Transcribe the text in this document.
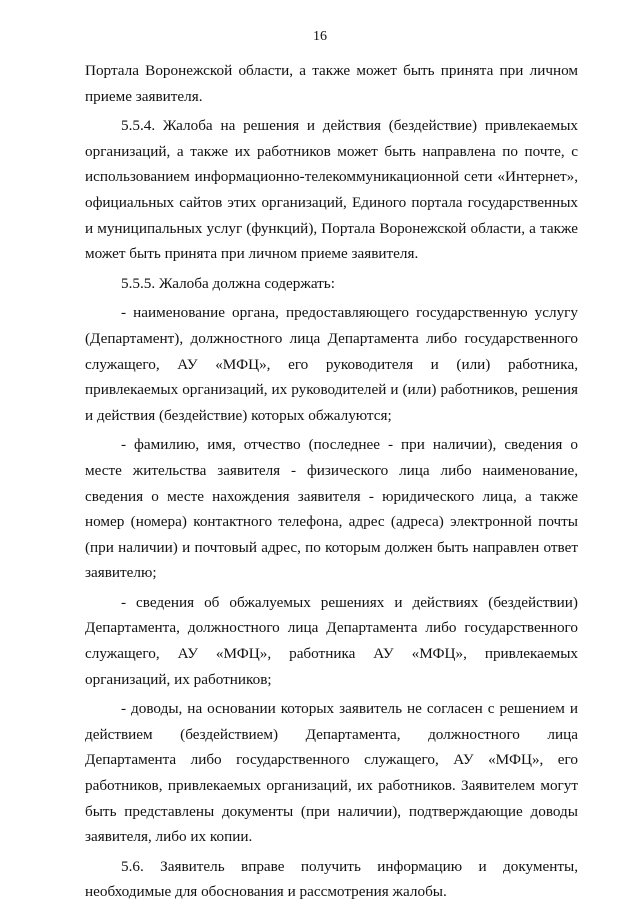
16

Портала Воронежской области, а также может быть принята при личном приеме заявителя.

5.5.4. Жалоба на решения и действия (бездействие) привлекаемых организаций, а также их работников может быть направлена по почте, с использованием информационно-телекоммуникационной сети «Интернет», официальных сайтов этих организаций, Единого портала государственных и муниципальных услуг (функций), Портала Воронежской области, а также может быть принята при личном приеме заявителя.

5.5.5. Жалоба должна содержать:

- наименование органа, предоставляющего государственную услугу (Департамент), должностного лица Департамента либо государственного служащего, АУ «МФЦ», его руководителя и (или) работника, привлекаемых организаций, их руководителей и (или) работников, решения и действия (бездействие) которых обжалуются;

- фамилию, имя, отчество (последнее - при наличии), сведения о месте жительства заявителя - физического лица либо наименование, сведения о месте нахождения заявителя - юридического лица, а также номер (номера) контактного телефона, адрес (адреса) электронной почты (при наличии) и почтовый адрес, по которым должен быть направлен ответ заявителю;

- сведения об обжалуемых решениях и действиях (бездействии) Департамента, должностного лица Департамента либо государственного служащего, АУ «МФЦ», работника АУ «МФЦ», привлекаемых организаций, их работников;

- доводы, на основании которых заявитель не согласен с решением и действием (бездействием) Департамента, должностного лица Департамента либо государственного служащего, АУ «МФЦ», его работников, привлекаемых организаций, их работников. Заявителем могут быть представлены документы (при наличии), подтверждающие доводы заявителя, либо их копии.

5.6. Заявитель вправе получить информацию и документы, необходимые для обоснования и рассмотрения жалобы.
